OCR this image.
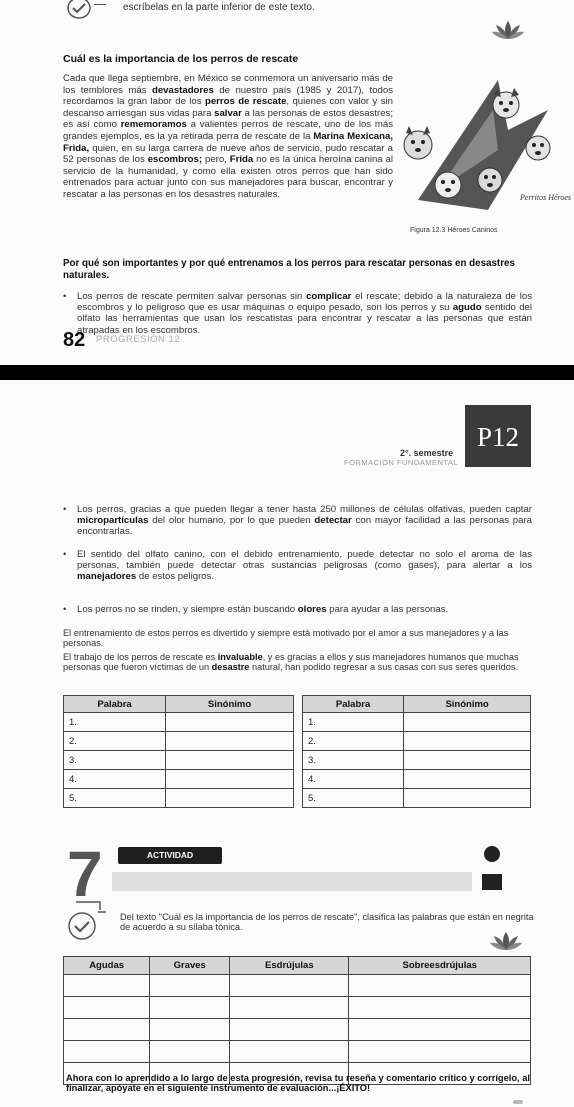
escríbelas en la parte inferior de este texto.

Cuál es la importancia de los perros de rescate

Cada que llega septiembre, en México se conmemora un aniversario más de los temblores más devastadores de nuestro país (1985 y 2017), todos recordamos la gran labor de los perros de rescate, quienes con valor y sin descanso arriesgan sus vidas para salvar a las personas de estos desastres; es así como rememoramos a valientes perros de rescate, uno de los más grandes ejemplos, es la ya retirada perra de rescate de la Marina Mexicana, Frida, quien, en su larga carrera de nueve años de servicio, pudo rescatar a 52 personas de los escombros; pero, Frida no es la única heroína canina al servicio de la humanidad, y como ella existen otros perros que han sido entrenados para actuar junto con sus manejadores para buscar, encontrar y rescatar a las personas en los desastres naturales.	Perritos Héroes

Figura 12.3 Héroes Caninos

Por qué son importantes y por qué entrenamos a los perros para rescatar personas en desastres naturales.

• Los perros de rescate permiten salvar personas sin complicar el rescate; debido a la naturaleza de los escombros y lo peligroso que es usar máquinas o equipo pesado, son los perros y su agudo sentido del olfato las herramientas que usan los rescatistas para encontrar y rescatar a las personas que están atrapadas en los escombros.

82 PROGRESIÓN 12

2°. semestre

FORMACIÓN FUNDAMENTAL

P12

• Los perros, gracias a que pueden llegar a tener hasta 250 millones de células olfativas, pueden captar micropartículas del olor humano, por lo que pueden detectar con mayor facilidad a las personas para encontrarlas.

• El sentido del olfato canino, con el debido entrenamiento, puede detectar no solo el aroma de las personas, también puede detectar otras sustancias peligrosas (como gases), para alertar a los manejadores de estos peligros.

• Los perros no se rinden, y siempre están buscando olores para ayudar a las personas.

El entrenamiento de estos perros es divertido y siempre está motivado por el amor a sus manejadores y a las personas.

El trabajo de los perros de rescate es invaluable, y es gracias a ellos y sus manejadores humanos que muchas personas que fueron víctimas de un desastre natural, han podido regresar a sus casas con sus seres queridos.

Palabra	Sinónimo
1.	
2.	
3.	
4.	
5.	
Palabra	Sinónimo
1.	
2.	
3.	
4.	
5.	
7	ACTIVIDAD

Del texto "Cuál es la importancia de los perros de rescate", clasifica las palabras que están en negrita de acuerdo a su sílaba tónica.

Agudas	Graves	Esdrújulas	Sobreesdrújulas

Ahora con lo aprendido a lo largo de esta progresión, revisa tu reseña y comentario crítico y corrígelo, al finalizar, apóyate en el siguiente instrumento de evaluación...¡ÉXITO!
